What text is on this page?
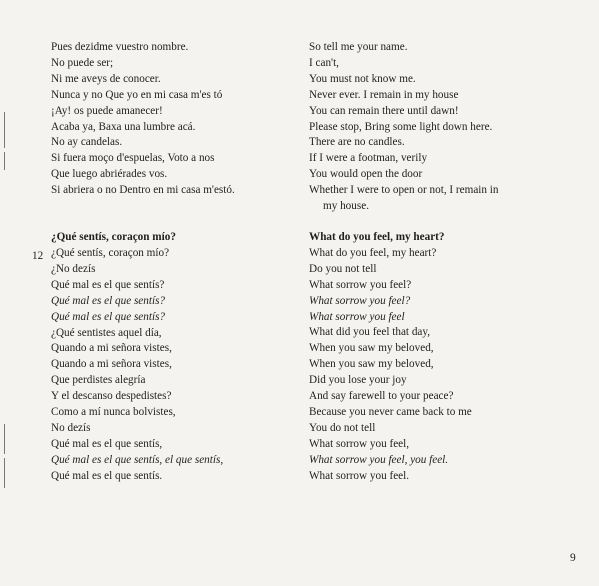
12
Pues dezidme vuestro nombre.
No puede ser;
Ni me aveys de conocer.
Nunca y no Que yo en mi casa m'es tó
¡Ay! os puede amanecer!
Acaba ya, Baxa una lumbre acá.
No ay candelas.
Si fuera moço d'espuelas, Voto a nos
Que luego abriérades vos.
Si abriera o no Dentro en mi casa m'estó.
¿Qué sentís, coraçon mío?
¿Qué sentís, coraçon mío?
¿No dezís
Qué mal es el que sentís?
Qué mal es el que sentís?
Qué mal es el que sentís?
¿Qué sentistes aquel día,
Quando a mi señora vistes,
Quando a mi señora vistes,
Que perdistes alegría
Y el descanso despedistes?
Como a mí nunca bolvistes,
No dezís
Qué mal es el que sentís,
Qué mal es el que sentís, el que sentís,
Qué mal es el que sentís.
So tell me your name.
I can't,
You must not know me.
Never ever. I remain in my house
You can remain there until dawn!
Please stop, Bring some light down here.
There are no candles.
If I were a footman, verily
You would open the door
Whether I were to open or not, I remain in
my house.
What do you feel, my heart?
What do you feel, my heart?
Do you not tell
What sorrow you feel?
What sorrow you feel?
What sorrow you feel
What did you feel that day,
When you saw my beloved,
When you saw my beloved,
Did you lose your joy
And say farewell to your peace?
Because you never came back to me
You do not tell
What sorrow you feel,
What sorrow you feel, you feel.
What sorrow you feel.
9
